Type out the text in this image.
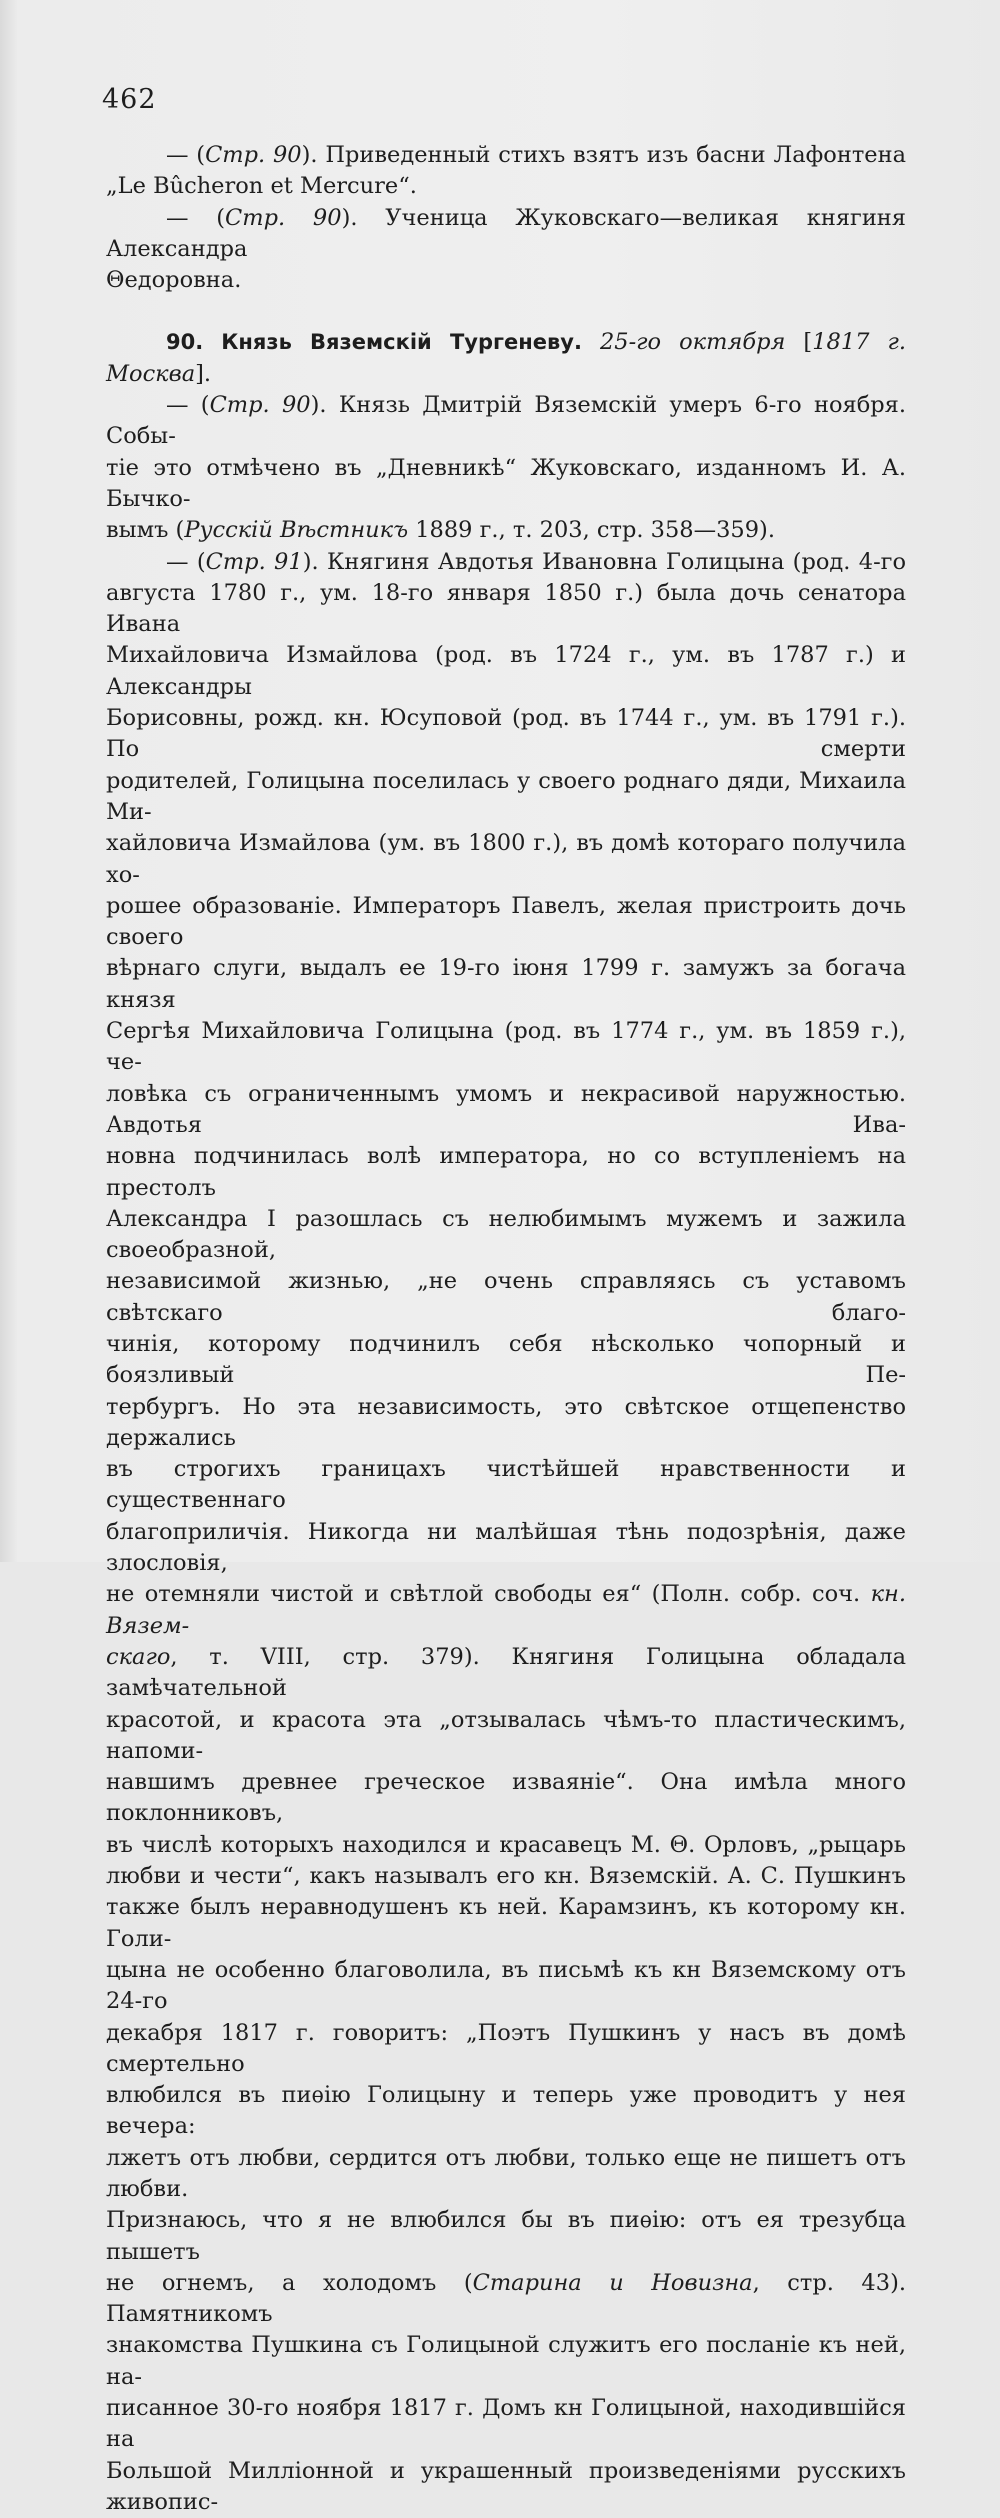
462

— (Стр. 90). Приведенный стихъ взятъ изъ басни Лафонтена

„Le Bûcheron et Mercure“.

— (Стр. 90). Ученица Жуковскаго—великая княгиня Александра

Θедоровна.

90. Князь Вяземскій Тургеневу. 25-го октября [1817 г. Москва].

— (Стр. 90). Князь Дмитрій Вяземскій умеръ 6-го ноября. Собы-

тіе это отмѣчено въ „Дневникѣ“ Жуковскаго, изданномъ И. А. Бычко-

вымъ (Русскій Вѣстникъ 1889 г., т. 203, стр. 358—359).

— (Стр. 91). Княгиня Авдотья Ивановна Голицына (род. 4-го

августа 1780 г., ум. 18-го января 1850 г.) была дочь сенатора Ивана

Михайловича Измайлова (род. въ 1724 г., ум. въ 1787 г.) и Александры

Борисовны, рожд. кн. Юсуповой (род. въ 1744 г., ум. въ 1791 г.). По смерти

родителей, Голицына поселилась у своего роднаго дяди, Михаила Ми-

хайловича Измайлова (ум. въ 1800 г.), въ домѣ котораго получила хо-

рошее образованіе. Императоръ Павелъ, желая пристроить дочь своего

вѣрнаго слуги, выдалъ ее 19-го іюня 1799 г. замужъ за богача князя

Сергѣя Михайловича Голицына (род. въ 1774 г., ум. въ 1859 г.), че-

ловѣка съ ограниченнымъ умомъ и некрасивой наружностью. Авдотья Ива-

новна подчинилась волѣ императора, но со вступленіемъ на престолъ

Александра I разошлась съ нелюбимымъ мужемъ и зажила своеобразной,

независимой жизнью, „не очень справляясь съ уставомъ свѣтскаго благо-

чинія, которому подчинилъ себя нѣсколько чопорный и боязливый Пе-

тербургъ. Но эта независимость, это свѣтское отщепенство держались

въ строгихъ границахъ чистѣйшей нравственности и существеннаго

благоприличія. Никогда ни малѣйшая тѣнь подозрѣнія, даже злословія,

не отемняли чистой и свѣтлой свободы ея“ (Полн. собр. соч. кн. Вязем-

скаго, т. VIII, стр. 379). Княгиня Голицына обладала замѣчательной

красотой, и красота эта „отзывалась чѣмъ-то пластическимъ, напоми-

навшимъ древнее греческое изваяніе“. Она имѣла много поклонниковъ,

въ числѣ которыхъ находился и красавецъ М. Θ. Орловъ, „рыцарь

любви и чести“, какъ называлъ его кн. Вяземскій. А. С. Пушкинъ

также былъ неравнодушенъ къ ней. Карамзинъ, къ которому кн. Голи-

цына не особенно благоволила, въ письмѣ къ кн Вяземскому отъ 24-го

декабря 1817 г. говоритъ: „Поэтъ Пушкинъ у насъ въ домѣ смертельно

влюбился въ пиѳію Голицыну и теперь уже проводитъ у нея вечера:

лжетъ отъ любви, сердится отъ любви, только еще не пишетъ отъ любви.

Признаюсь, что я не влюбился бы въ пиѳію: отъ ея трезубца пышетъ

не огнемъ, а холодомъ (Старина и Новизна, стр. 43). Памятникомъ

знакомства Пушкина съ Голицыной служитъ его посланіе къ ней, на-

писанное 30-го ноября 1817 г. Домъ кн Голицыной, находившійся на

Большой Милліонной и украшенный произведеніями русскихъ живопис-
